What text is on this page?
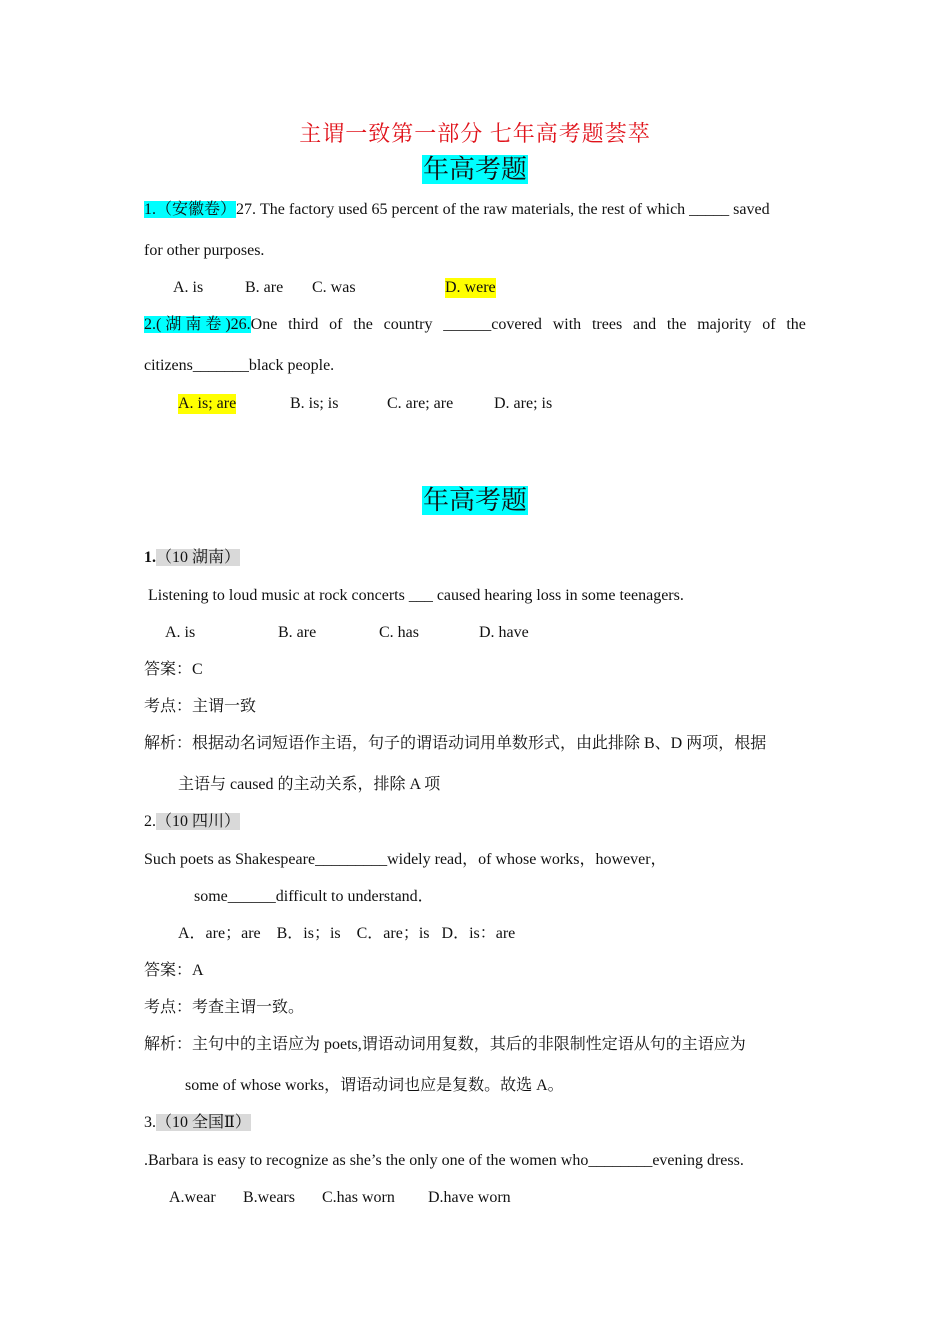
主谓一致第一部分 七年高考题荟萃
年高考题
1.（安徽卷）27. The factory used 65 percent of the raw materials, the rest of which _____ saved
for other purposes.
A. is	B. are C. was	D. were
2.( 湖 南 卷 )26.One third of the country ______covered with trees and the majority of the
citizens_______black people.
A. is; are	B. is; is	C. are; are	D. are; is
年高考题
1.（10 湖南）
Listening to loud music at rock concerts ___ caused hearing loss in some teenagers.
A. is	B. are	C. has	D. have
答案：C
考点：主谓一致
解析：根据动名词短语作主语，句子的谓语动词用单数形式，由此排除 B、D 两项，根据
主语与 caused 的主动关系，排除 A 项
2.（10 四川）
Such poets as Shakespeare_________widely read，of whose works，however，
some______difficult to understand．
A．are；are    B．is；is    C．are；is   D．is：are
答案：A
考点：考查主谓一致。
解析：主句中的主语应为 poets,谓语动词用复数，其后的非限制性定语从句的主语应为
some of whose works，谓语动词也应是复数。故选 A。
3.（10 全国Ⅱ）
.Barbara is easy to recognize as she’s the only one of the women who________evening dress.
A.wear B.wears C.has worn D.have worn
